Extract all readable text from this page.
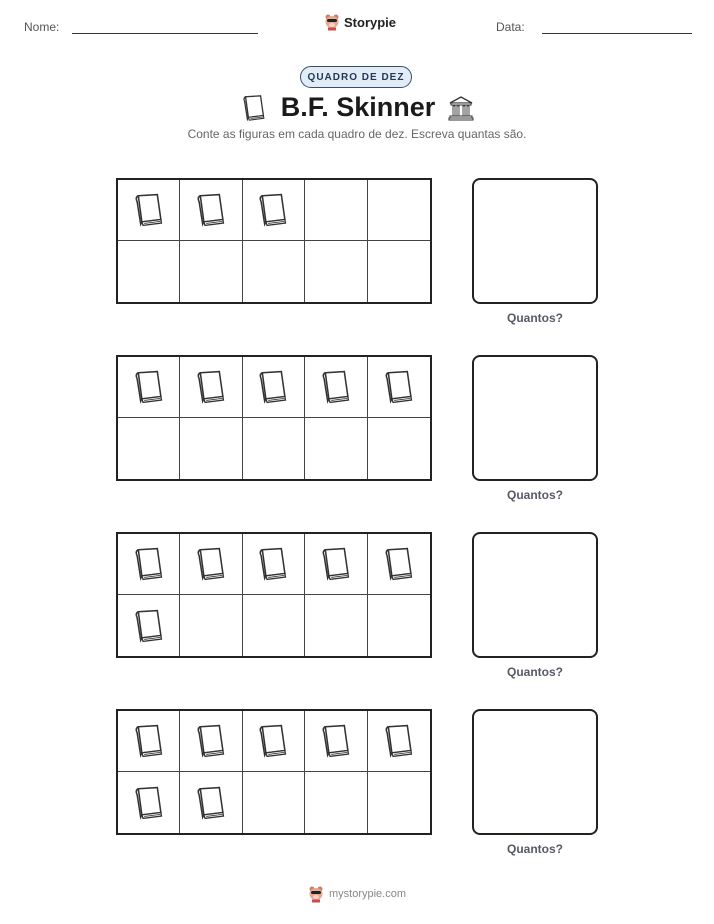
Nome:	Storypie	Data:
QUADRO DE DEZ
B.F. Skinner
Conte as figuras em cada quadro de dez. Escreva quantas são.
Quantos?
Quantos?
Quantos?
Quantos?
mystorypie.com
